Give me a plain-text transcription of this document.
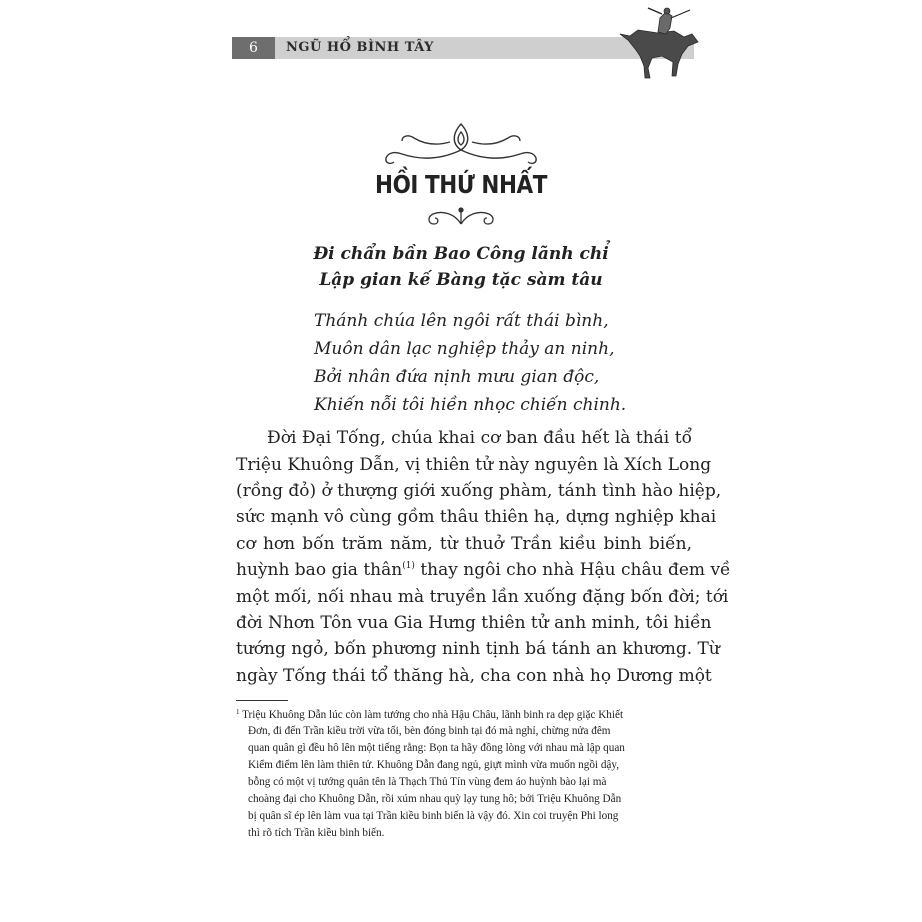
6	NGŨ HỔ BÌNH TÂY
HỒI THỨ NHẤT
Đi chẩn bần Bao Công lãnh chỉ
Lập gian kế Bàng tặc sàm tâu
Thánh chúa lên ngôi rất thái bình,
Muôn dân lạc nghiệp thảy an ninh,
Bởi nhân đứa nịnh mưu gian độc,
Khiến nỗi tôi hiền nhọc chiến chinh.
Đời Đại Tống, chúa khai cơ ban đầu hết là thái tổ
Triệu Khuông Dẫn, vị thiên tử này nguyên là Xích Long
(rồng đỏ) ở thượng giới xuống phàm, tánh tình hào hiệp,
sức mạnh vô cùng gồm thâu thiên hạ, dựng nghiệp khai
cơ hơn bốn trăm năm, từ thuở Trần kiều binh biến,
huỳnh bao gia thân$^{(1)}$ thay ngôi cho nhà Hậu châu đem về
một mối, nối nhau mà truyền lần xuống đặng bốn đời; tới
đời Nhơn Tôn vua Gia Hưng thiên tử anh minh, tôi hiền
tướng ngỏ, bốn phương ninh tịnh bá tánh an khương. Từ
ngày Tống thái tổ thăng hà, cha con nhà họ Dương một
$^1$ Triệu Khuông Dẫn lúc còn làm tướng cho nhà Hậu Châu, lãnh binh ra dẹp giặc Khiết
Đơn, đi đến Trần kiều trời vừa tối, bèn đóng binh tại đó mà nghỉ, chừng nửa đêm
quan quân gì đều hô lên một tiếng rằng: Bọn ta hãy đồng lòng với nhau mà lập quan
Kiểm điểm lên làm thiên tử. Khuông Dẫn đang ngủ, giựt mình vừa muốn ngồi dậy,
bỗng có một vị tướng quân tên là Thạch Thủ Tín vùng đem áo huỳnh bào lại mà
choàng đại cho Khuông Dẫn, rồi xúm nhau quỳ lạy tung hô; bởi Triệu Khuông Dẫn
bị quân sĩ ép lên làm vua tại Trần kiều binh biến là vậy đó. Xin coi truyện Phi long
thì rõ tích Trần kiều binh biến.
